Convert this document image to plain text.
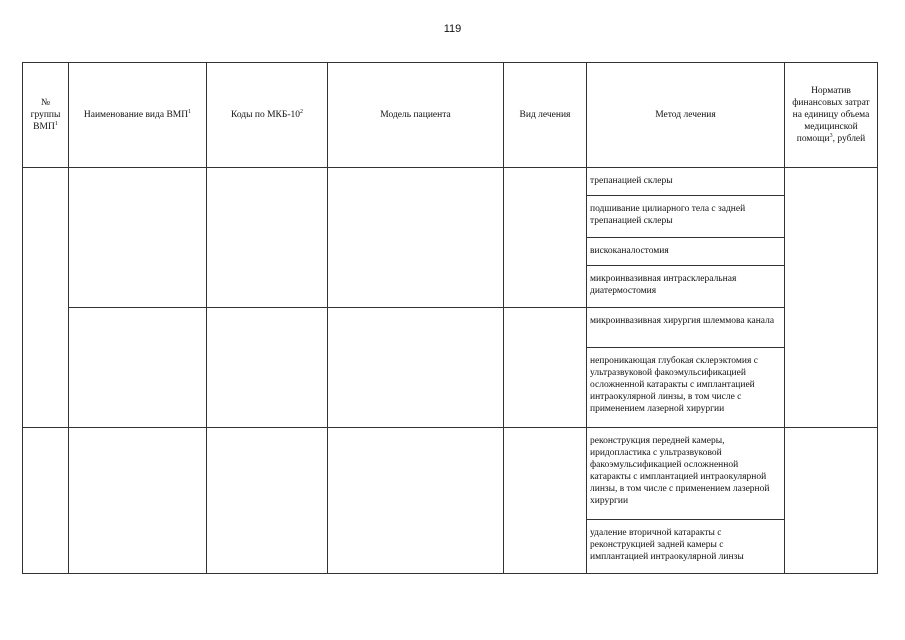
119
№ группы ВМП$^1$	Наименование вида ВМП$^1$	Коды по МКБ-$10^2$	Модель пациента	Вид лечения	Метод лечения	Норматив финансовых затрат на единицу объема медицинской помощи$^3$, рублей
					трепанацией склеры	
					подшивание цилиарного тела с задней трепанацией склеры	
					вискоканалостомия	
					микроинвазивная интрасклеральная диатермостомия	
					микроинвазивная хирургия шлеммова канала	
					непроникающая глубокая склерэктомия с ультразвуковой факоэмульсификацией осложненной катаракты с имплантацией интраокулярной линзы, в том числе с применением лазерной хирургии	
					реконструкция передней камеры, иридопластика с ультразвуковой факоэмульсификацией осложненной катаракты с имплантацией интраокулярной линзы, в том числе с применением лазерной хирургии	
					удаление вторичной катаракты с реконструкцией задней камеры с имплантацией интраокулярной линзы	
